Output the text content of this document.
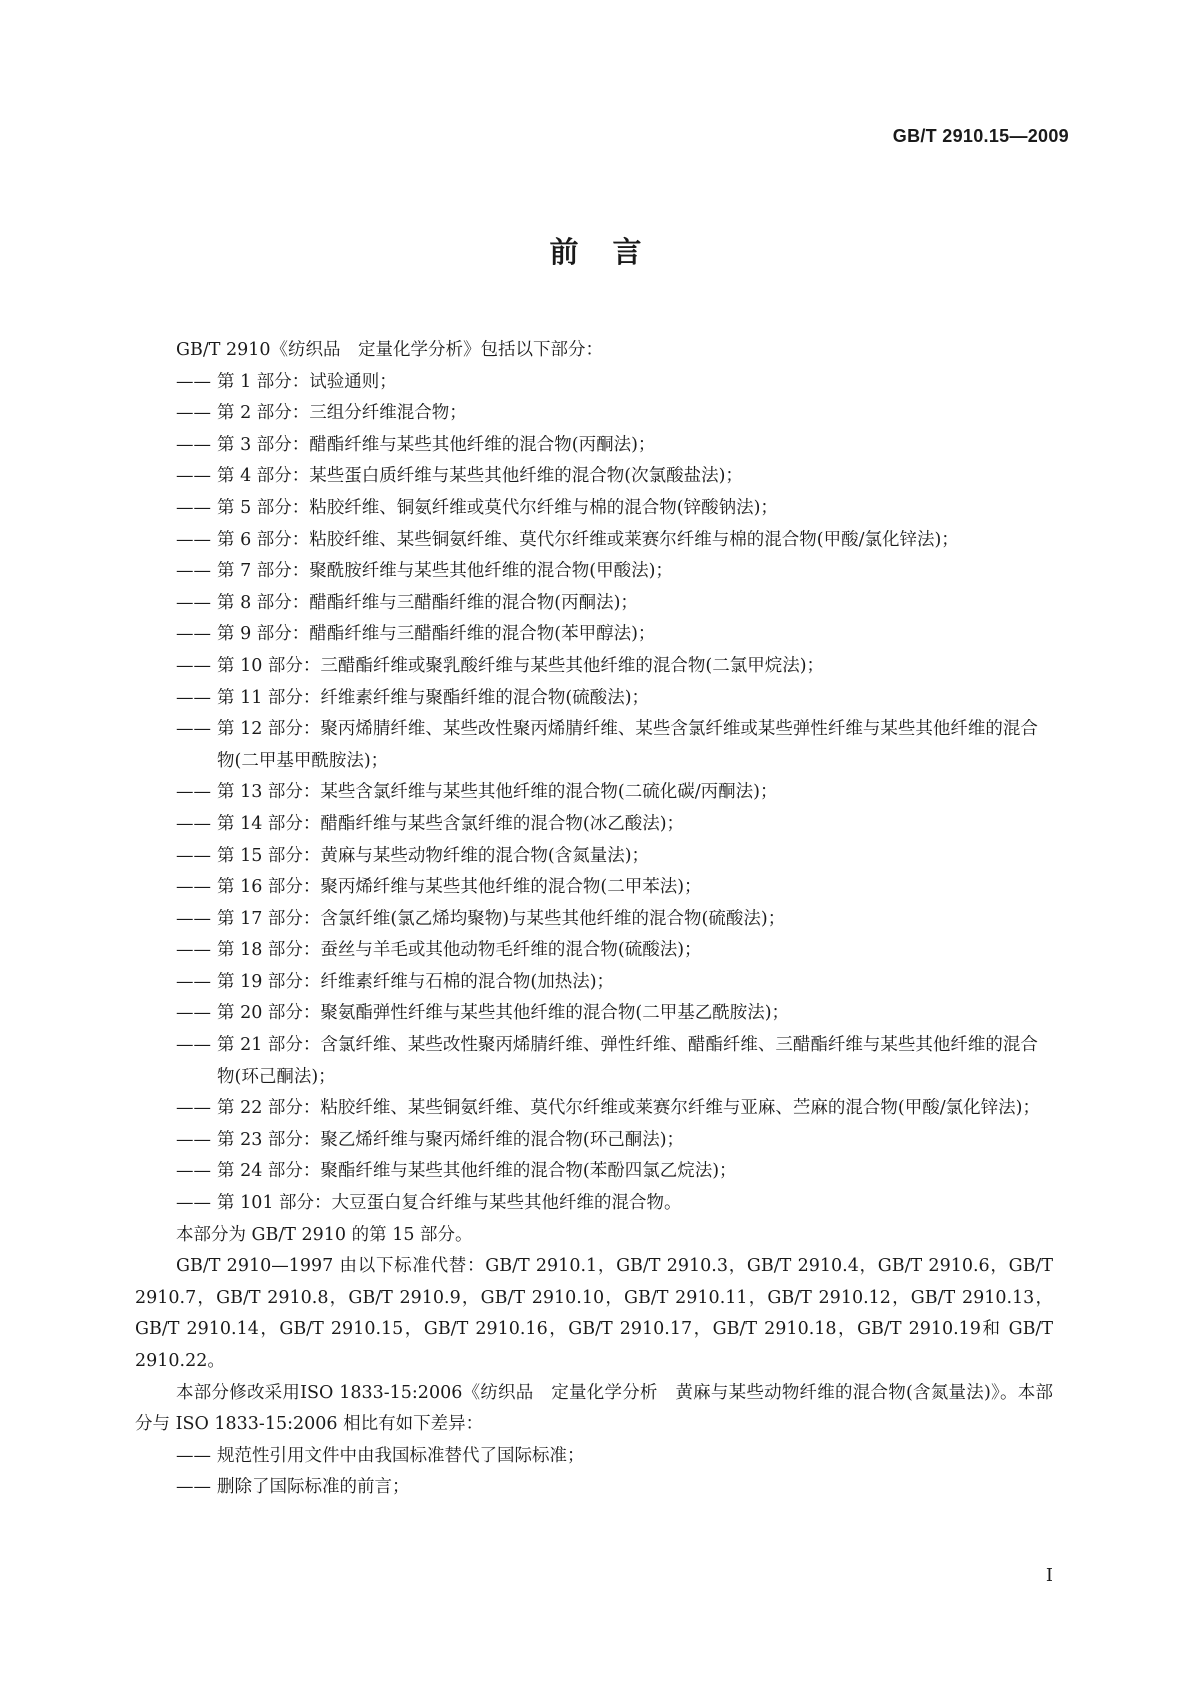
GB/T 2910.15—2009
前言

GB/T 2910《纺织品　定量化学分析》包括以下部分：

—— 第 1 部分：试验通则；

—— 第 2 部分：三组分纤维混合物；

—— 第 3 部分：醋酯纤维与某些其他纤维的混合物(丙酮法)；

—— 第 4 部分：某些蛋白质纤维与某些其他纤维的混合物(次氯酸盐法)；

—— 第 5 部分：粘胶纤维、铜氨纤维或莫代尔纤维与棉的混合物(锌酸钠法)；

—— 第 6 部分：粘胶纤维、某些铜氨纤维、莫代尔纤维或莱赛尔纤维与棉的混合物(甲酸/氯化锌法)；

—— 第 7 部分：聚酰胺纤维与某些其他纤维的混合物(甲酸法)；

—— 第 8 部分：醋酯纤维与三醋酯纤维的混合物(丙酮法)；

—— 第 9 部分：醋酯纤维与三醋酯纤维的混合物(苯甲醇法)；

—— 第 10 部分：三醋酯纤维或聚乳酸纤维与某些其他纤维的混合物(二氯甲烷法)；

—— 第 11 部分：纤维素纤维与聚酯纤维的混合物(硫酸法)；

—— 第 12 部分：聚丙烯腈纤维、某些改性聚丙烯腈纤维、某些含氯纤维或某些弹性纤维与某些其他纤维的混合物(二甲基甲酰胺法)；

—— 第 13 部分：某些含氯纤维与某些其他纤维的混合物(二硫化碳/丙酮法)；

—— 第 14 部分：醋酯纤维与某些含氯纤维的混合物(冰乙酸法)；

—— 第 15 部分：黄麻与某些动物纤维的混合物(含氮量法)；

—— 第 16 部分：聚丙烯纤维与某些其他纤维的混合物(二甲苯法)；

—— 第 17 部分：含氯纤维(氯乙烯均聚物)与某些其他纤维的混合物(硫酸法)；

—— 第 18 部分：蚕丝与羊毛或其他动物毛纤维的混合物(硫酸法)；

—— 第 19 部分：纤维素纤维与石棉的混合物(加热法)；

—— 第 20 部分：聚氨酯弹性纤维与某些其他纤维的混合物(二甲基乙酰胺法)；

—— 第 21 部分：含氯纤维、某些改性聚丙烯腈纤维、弹性纤维、醋酯纤维、三醋酯纤维与某些其他纤维的混合物(环己酮法)；

—— 第 22 部分：粘胶纤维、某些铜氨纤维、莫代尔纤维或莱赛尔纤维与亚麻、苎麻的混合物(甲酸/氯化锌法)；

—— 第 23 部分：聚乙烯纤维与聚丙烯纤维的混合物(环己酮法)；

—— 第 24 部分：聚酯纤维与某些其他纤维的混合物(苯酚四氯乙烷法)；

—— 第 101 部分：大豆蛋白复合纤维与某些其他纤维的混合物。

本部分为 GB/T 2910 的第 15 部分。

GB/T 2910—1997 由以下标准代替：GB/T 2910.1，GB/T 2910.3，GB/T 2910.4，GB/T 2910.6，GB/T 2910.7，GB/T 2910.8，GB/T 2910.9，GB/T 2910.10，GB/T 2910.11，GB/T 2910.12，GB/T 2910.13，GB/T 2910.14，GB/T 2910.15，GB/T 2910.16，GB/T 2910.17，GB/T 2910.18，GB/T 2910.19和 GB/T 2910.22。

本部分修改采用ISO 1833-15:2006《纺织品　定量化学分析　黄麻与某些动物纤维的混合物(含氮量法)》。本部分与 ISO 1833-15:2006 相比有如下差异：

—— 规范性引用文件中由我国标准替代了国际标准；

—— 删除了国际标准的前言；

I
